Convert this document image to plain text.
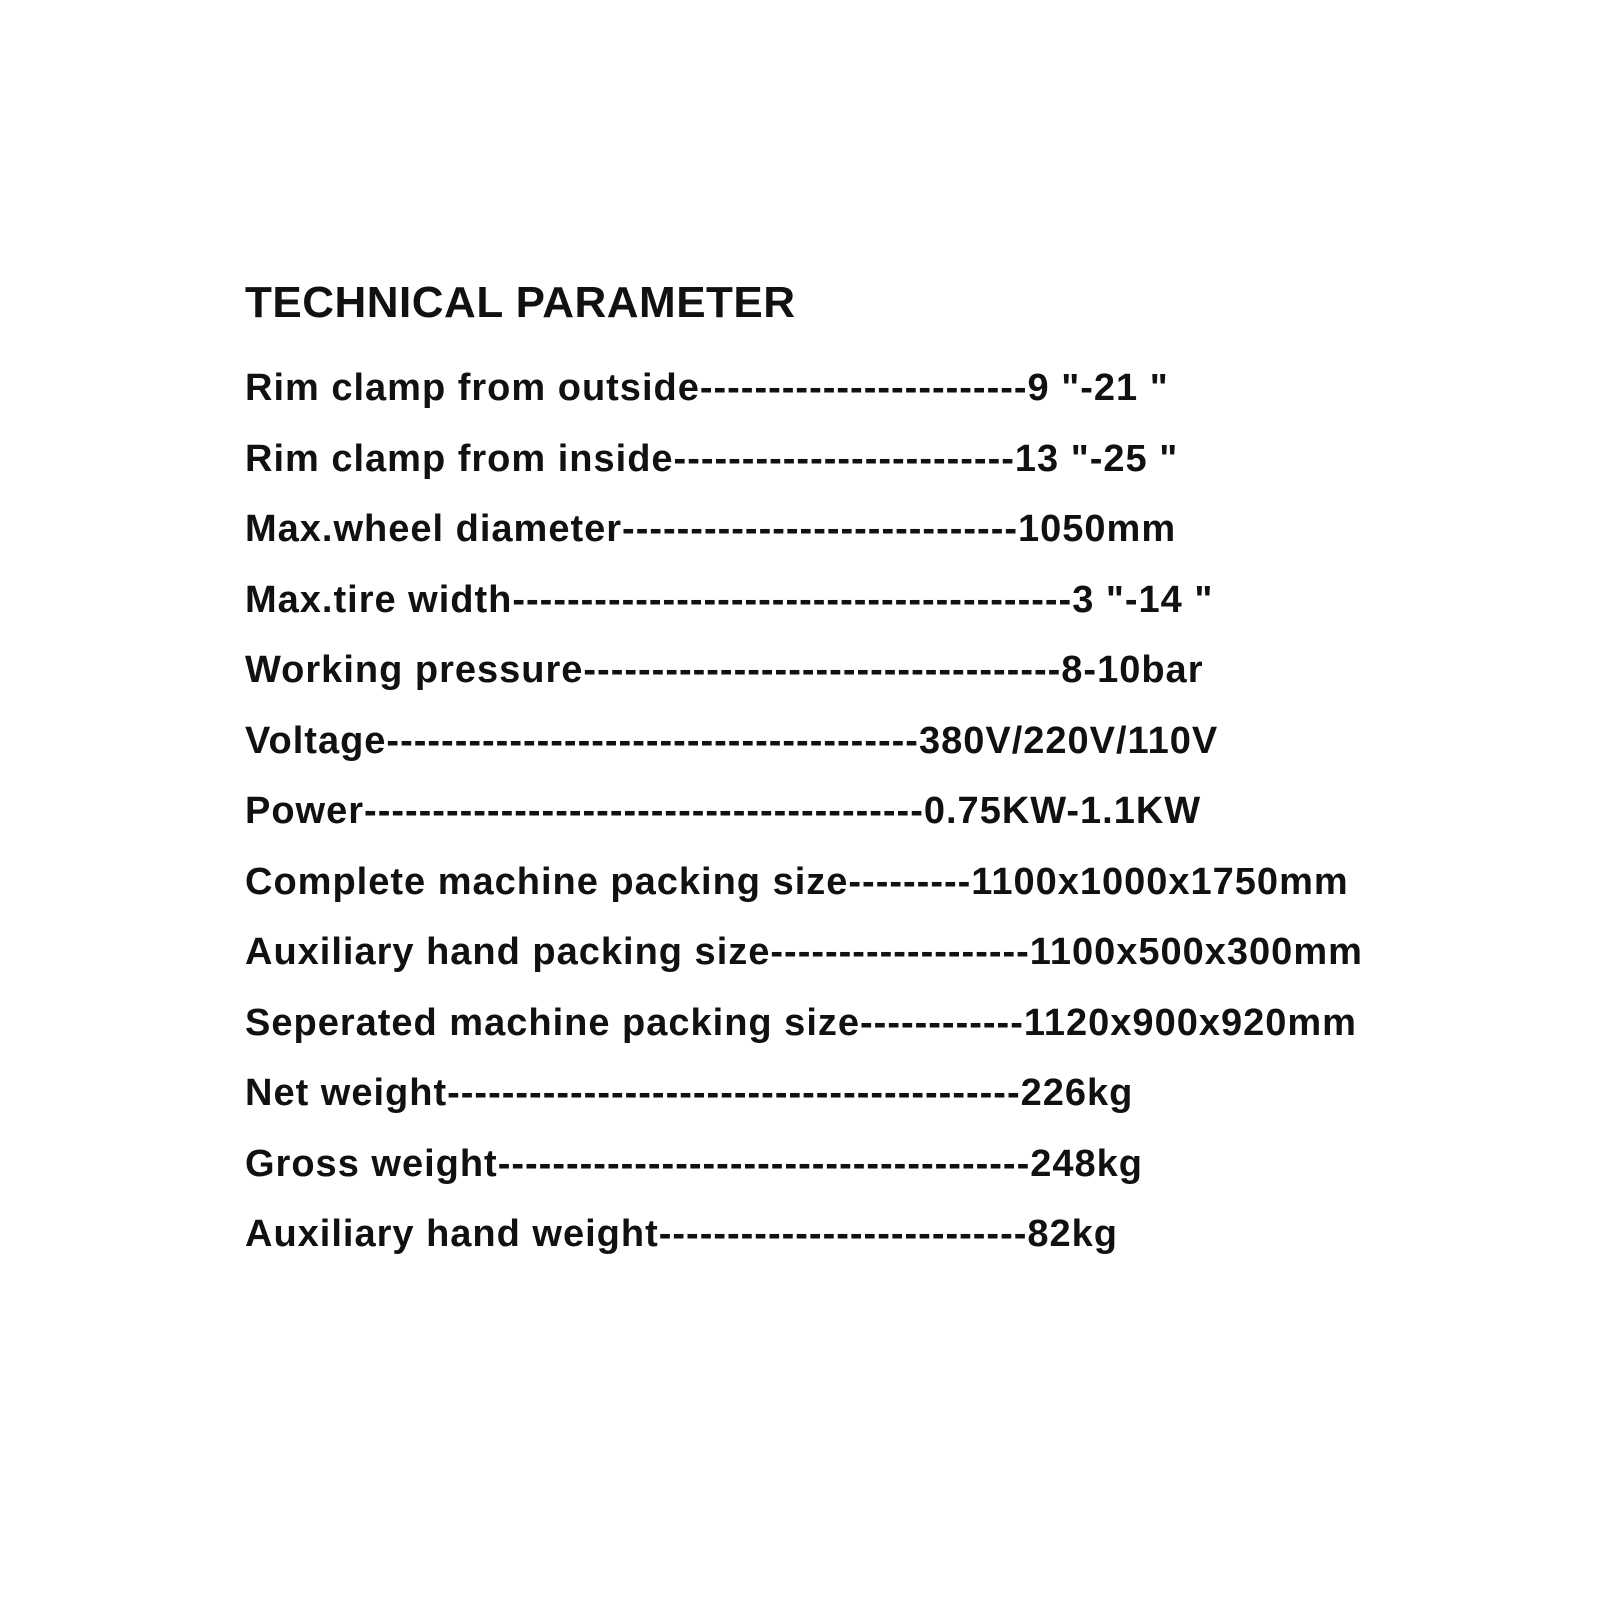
TECHNICAL PARAMETER
Rim clamp from outside------------------------9 "-21 "
Rim clamp from inside-------------------------13 "-25 "
Max.wheel diameter-----------------------------1050mm
Max.tire width-----------------------------------------3 "-14 "
Working pressure-----------------------------------8-10bar
Voltage---------------------------------------380V/220V/110V
Power-----------------------------------------0.75KW-1.1KW
Complete machine packing size---------1100x1000x1750mm
Auxiliary hand packing size-------------------1100x500x300mm
Seperated machine packing size------------1120x900x920mm
Net weight------------------------------------------226kg
Gross weight---------------------------------------248kg
Auxiliary hand weight---------------------------82kg
